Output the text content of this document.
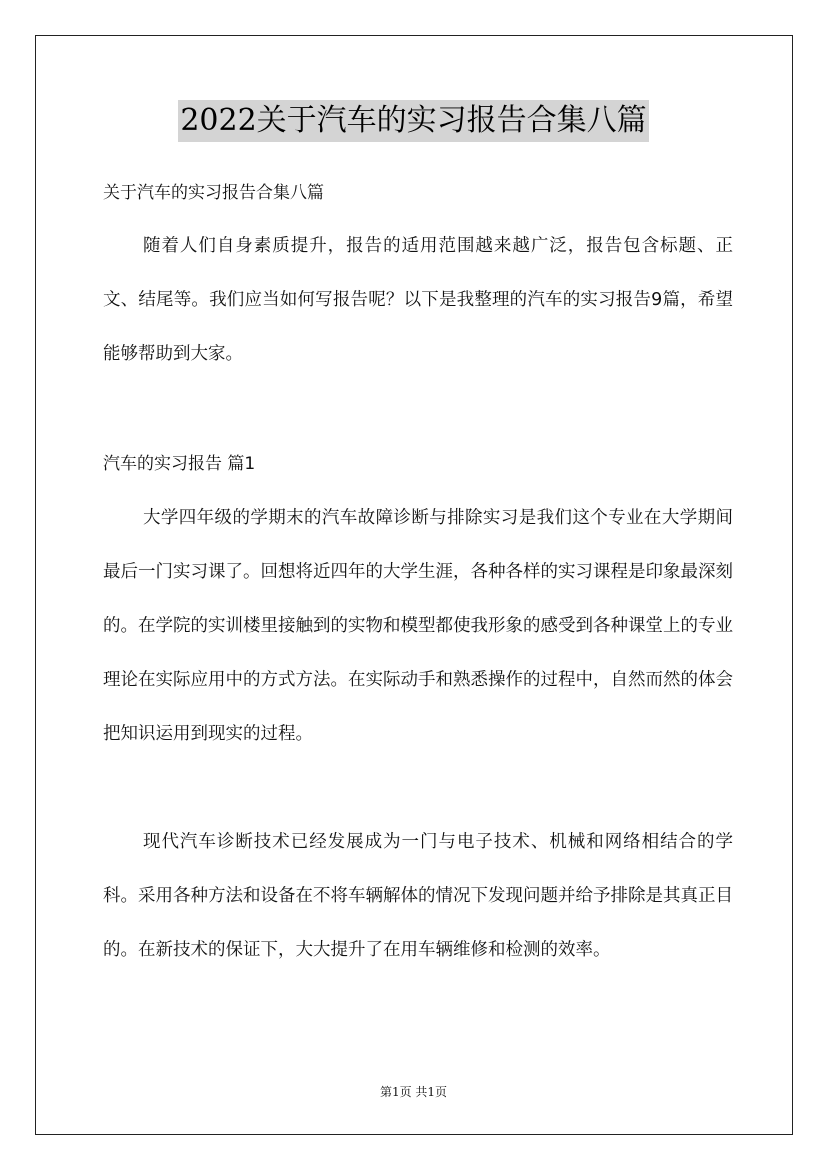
2022关于汽车的实习报告合集八篇
关于汽车的实习报告合集八篇

随着人们自身素质提升，报告的适用范围越来越广泛，报告包含标题、正文、结尾等。我们应当如何写报告呢？以下是我整理的汽车的实习报告9篇，希望能够帮助到大家。

汽车的实习报告 篇1

大学四年级的学期末的汽车故障诊断与排除实习是我们这个专业在大学期间最后一门实习课了。回想将近四年的大学生涯，各种各样的实习课程是印象最深刻的。在学院的实训楼里接触到的实物和模型都使我形象的感受到各种课堂上的专业理论在实际应用中的方式方法。在实际动手和熟悉操作的过程中，自然而然的体会把知识运用到现实的过程。

现代汽车诊断技术已经发展成为一门与电子技术、机械和网络相结合的学科。采用各种方法和设备在不将车辆解体的情况下发现问题并给予排除是其真正目的。在新技术的保证下，大大提升了在用车辆维修和检测的效率。

第1页 共1页
